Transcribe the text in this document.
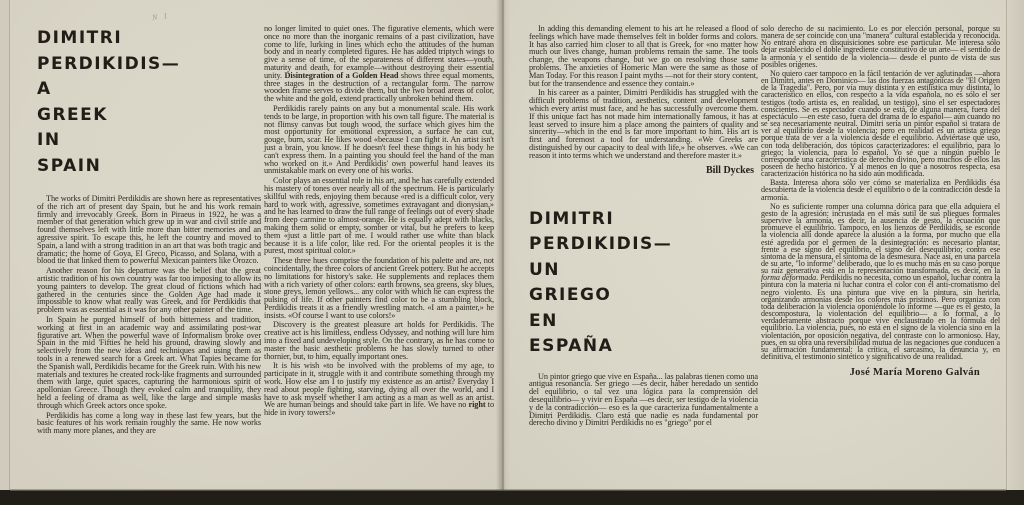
N 1
DIMITRI
PERDIKIDIS—
A
GREEK
IN
SPAIN

The works of Dimitri Perdikidis are shown here as representatives of the rich art of present day Spain, but he and his work remain firmly and irrevocably Greek. Born in Piraeus in 1922, he was a member of that generation which grew up in war and civil strife and found themselves left with little more than bitter memories and an agressive spirit. To escape this, he left the country and moved to Spain, a land with a strong tradition in an art that was both tragic and dramatic; the home of Goya, El Greco, Picasso, and Solana, with a blood tie that linked them to powerful Mexican painters like Orozco.

Another reason for his departure was the belief that the great artistic tradition of his own country was far too imposing to allow its young painters to develop. The great cloud of fictions which had gathered in the centuries since the Golden Age had made it impossible to know what really was Greek, and for Perdikidis that problem was as essential as it was for any other painter of the time.

In Spain he purged himself of both bitterness and tradition, working at first in an academic way and assimilating post-war figurative art. When the powerful wave of Informalism broke over Spain in the mid 'Fifties he held his ground, drawing slowly and selectively from the new ideas and techniques and using them as tools in a renewed search for a Greek art. What Tapies became for the Spanish wall, Perdikidis became for the Greek ruin. With his new materials and textures he created rock-like fragments and surrounded them with large, quiet spaces, capturing the harmonious spirit of apollonian Greece. Though they evoked calm and tranquility, they held a feeling of drama as well, like the large and simple masks through which Greek actors once spoke.

Perdikidis has come a long way in these last few years, but the basic features of his work remain roughly the same. He now works with many more planes, and they are

no longer limited to quiet ones. The figurative elements, which were once no more than the inorganic remains of a past civilization, have come to life, lurking in lines which echo the attitudes of the human body and in nearly completed figures. He has added triptych wings to give a sense of time, of the separateness of different states—youth, maturity and death, for example—without destroying their essential unity. Disintegration of a Golden Head shows three equal moments, three stages in the destruction of a rectangular form. The narrow wooden frame serves to divide them, but the two broad areas of color, the white and the gold, extend practically unbroken behind them.

Perdikidis rarely paints on any but a monumental scale. His work tends to be large, in proportion with his own tall figure. The material is not flimsy canvas but tough wood, the surface which gives him the most opportunity for emotional expression, a surface he can cut, gouge, burn, scar. He likes wood «because I can fight it. An artist isn't just a brain, you know. If he doesn't feel these things in his body he can't express them. In a painting you should feel the hand of the man who worked on it.» And Perdikidis' own powerful hand leaves its unmistakable mark on every one of his works.

Color plays an essential role in his art, and he has carefully extended his mastery of tones over nearly all of the spectrum. He is particularly skillful with reds, enjoying them because «red is a difficult color, very hard to work with, agressive, sometimes extravagant and dionysian,» and he has learned to draw the full range of feelings out of every shade from deep carmine to almost-orange. He is equally adept with blacks, making them solid or empty, somber or vital, but he prefers to keep them «just a little part of me. I would rather use white than black because it is a life color, like red. For the oriental peoples it is the purest, most spiritual color.»

These three hues comprise the foundation of his palette and are, not coincidentally, the three colors of ancient Greek pottery. But he accepts no limitations for history's sake. He supplements and replaces them with a rich variety of other colors: earth browns, sea greens, sky blues, stone greys, lemon yellows... any color with which he can express the pulsing of life. If other painters find color to be a stumbling block, Perdikidis treats it as a friendly wrestling match. «I am a painter,» he insists. «Of course I want to use colors!»

Discovery is the greatest pleasure art holds for Perdikidis. The creative act is his limitless, endless Odyssey, and nothing will lure him into a fixed and undeveloping style. On the contrary, as he has come to master the basic aesthetic problems he has slowly turned to other thornier, but, to him, equally important ones.

It is his wish «to be involved with the problems of my age, to participate in it, struggle with it and contribute something through my work. How else am I to justify my existence as an artist? Everyday I read about people fighting, starving, dying all over the world, and I have to ask myself whether I am acting as a man as well as an artist. We are human beings and should take part in life. We have no right to hide in ivory towers!»

In adding this demanding element to his art he released a flood of feelings which have made themselves felt in bolder forms and colors. It has also carried him closer to all that is Greek, for «no matter how much our lives change, human problems remain the same. The tools change, the weapons change, but we go on resolving those same problems. The anxieties of Homeric Man were the same as those of Man Today. For this reason I paint myths —not for their story content, but for the transendence and essence they contain.»

In his career as a painter, Dimitri Perdikidis has struggled with the difficult problems of tradition, aesthetics, content and development which every artist must face, and he has successfully overcome them. If this unique fact has not made him internationally famous, it has at least served to insure him a place among the painters of quality and sincerity—which in the end is far more important to him. His art is first and foremost a tool for understanding. «We Greeks are distinguished by our capacity to deal with life,» he observes. «We can reason it into terms which we understand and therefore master it.»

Bill Dyckes
DIMITRI
PERDIKIDIS—
UN
GRIEGO
EN
ESPAÑA

Un pintor griego que vive en España... las palabras tienen como una antigua resonancia. Ser griego —es decir, haber heredado un sentido del equilibrio, o tal vez una lógica para la comprensión del desequilibrio— y vivir en España —es decir, ser testigo de la violencia y de la contradicción— eso es la que caracteriza fundamentalmente a Dimitri Perdikidis. Claro está que nadie es nada fundamental por derecho divino y Dimitri Perdikidis no es "griego" por el

solo derecho de su nacimiento. Lo es por elección personal, porque su manera de ser coincide con una "manera" cultural establecida y reconocida. No entraré ahora en disquisiciones sobre ese particular. Me interesa sólo dejar establecido el doble ingrediente constitutivo de un arte— el sentido de la armonía y el sentido de la violencia— desde el punto de vista de sus posibles orígenes.

No quiero caer tampoco en la fácil tentación de ver aglutinadas —ahora en Dimitri, antes en Dominico— las dos fuerzas antagónicas de "El Origen de la Tragedia". Pero, por vía muy distinta y en estilística muy distinta, lo característico en ellos, con respecto a la vida española, no es sólo el ser testigos (todo artista es, en realidad, un testigo), sino el ser espectadores conscientes. Se es espectador cuando se está, de alguna manera, fuera del espectáculo —en este caso, fuera del drama de lo español— aún cuando no se sea necesariamente neutral. Dimitri sería un pintor español si tratara de ver al equilibrio desde la violencia; pero en realidad es un artista griego porque trata de ver a la violencia desde el equilibrio. Adviértase que uso, con toda deliberación, dos tópicos caracterizadores: el equilibrio, para lo griego; la violencia, para lo español. Yo sé que a ningún pueblo le corresponde una característica de derecho divino, pero muchos de ellos las poseen de hecho histórico. Y al menos en lo que a nosotros respecta, esa caracterización histórica no ha sido aún modificada.

Basta. Interesa ahora sólo ver cómo se materializa en Perdikidis ésa descubierta de la violencia desde el equilibrio o de la contradicción desde la armonía.

No es suficiente romper una columna dórica para que ella adquiera el gesto de la agresión: incrustada en el más sutil de sus pliegues formales supervive la armonía, es decir, la ausencia de gesto, la ecuación que promueve el equilibrio. Tampoco, en los lienzos de Perdikidis, se esconde la violencia allí donde aparece la alusión a la forma, por mucho que ella esté agredida por el germen de la desintegración: es necesario plantar, frente a ese signo del equilibrio, el signo del desequilibrio; contra ese síntoma de la mensura, el síntoma de la desmesura. Nace así, en una parcela de su arte, "lo informe" deliberado, que lo es mucho más en su caso porque su raíz generativa está en la representación transformada, es decir, en la forma deformada. Perdikidis no necesita, como un español, luchar contra la pintura con la materia ni luchar contra el color con el anti-cromatismo del negro violento. Es una pintura que vive en la pintura, sin herirla, organizando armonías desde los colores más pristinos. Pero organiza con toda deliberación la violencia oponiéndole lo informe —que es el gesto, la descompostura, la violentación del equilibrio— a lo formal, a lo verdaderamente abstracto porque vive enclaustrado en la fórmula del equilibrio. La violencia, pues, no está en el signo de la violencia sino en la violentación, por oposición negativa, del contraste con lo armonioso. Hay, pues, en su obra una reversibilidad mutua de las negaciones que conducen a su afirmación fundamental: la crítica, el sarcasmo, la denuncia y, en definitiva, el testimonio sintético y significativo de una realidad.

José María Moreno Galván
